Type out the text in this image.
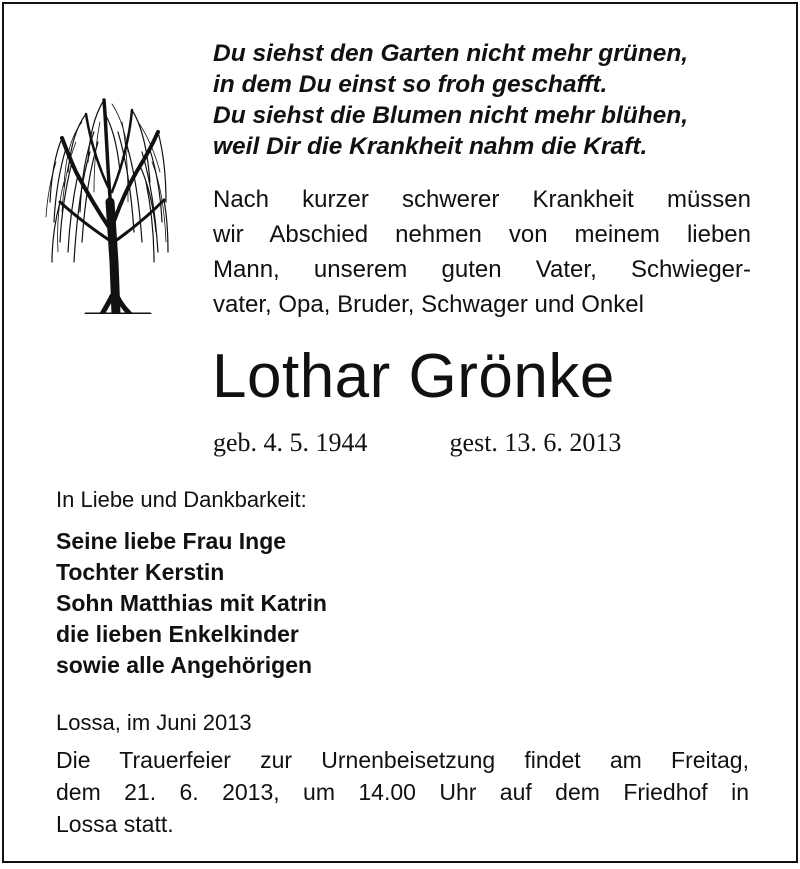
Du siehst den Garten nicht mehr grünen,
in dem Du einst so froh geschafft.
Du siehst die Blumen nicht mehr blühen,
weil Dir die Krankheit nahm die Kraft.
Nach kurzer schwerer Krankheit müssen
wir Abschied nehmen von meinem lieben
Mann, unserem guten Vater, Schwieger-
vater, Opa, Bruder, Schwager und Onkel
Lothar Grönke
geb. 4. 5. 1944	gest. 13. 6. 2013
In Liebe und Dankbarkeit:
Seine liebe Frau Inge
Tochter Kerstin
Sohn Matthias mit Katrin
die lieben Enkelkinder
sowie alle Angehörigen
Lossa, im Juni 2013
Die Trauerfeier zur Urnenbeisetzung findet am Freitag,
dem 21. 6. 2013, um 14.00 Uhr auf dem Friedhof in
Lossa statt.
